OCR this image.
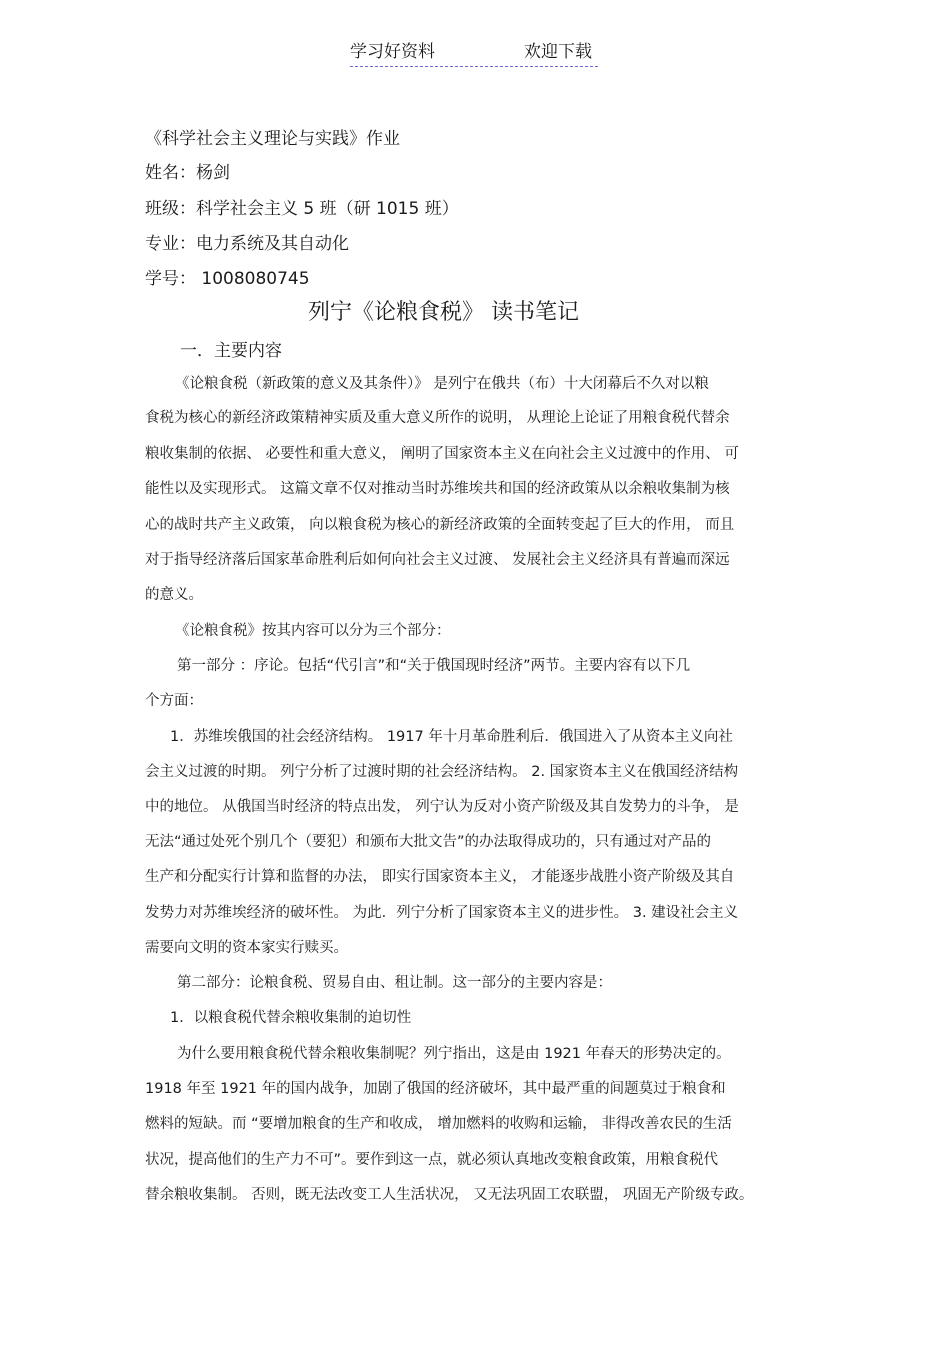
学习好资料	欢迎下载
《科学社会主义理论与实践》作业
姓名：杨剑
班级：科学社会主义 5 班（研 1015 班）
专业：电力系统及其自动化
学号： 1008080745
列宁《论粮食税》 读书笔记
一．主要内容
《论粮食税（新政策的意义及其条件）》 是列宁在俄共（布）十大闭幕后不久对以粮
食税为核心的新经济政策精神实质及重大意义所作的说明， 从理论上论证了用粮食税代替余
粮收集制的依据、 必要性和重大意义， 阐明了国家资本主义在向社会主义过渡中的作用、 可
能性以及实现形式。 这篇文章不仅对推动当时苏维埃共和国的经济政策从以余粮收集制为核
心的战时共产主义政策， 向以粮食税为核心的新经济政策的全面转变起了巨大的作用， 而且
对于指导经济落后国家革命胜利后如何向社会主义过渡、 发展社会主义经济具有普遍而深远
的意义。
《论粮食税》按其内容可以分为三个部分：
第一部分 ：序论。包括“代引言”和“关于俄国现时经济”两节。主要内容有以下几
个方面：
1．苏维埃俄国的社会经济结构。 1917 年十月革命胜利后．俄国进入了从资本主义向社
会主义过渡的时期。 列宁分析了过渡时期的社会经济结构。 2. 国家资本主义在俄国经济结构
中的地位。 从俄国当时经济的特点出发， 列宁认为反对小资产阶级及其自发势力的斗争， 是
无法“通过处死个别几个（要犯）和颁布大批文告”的办法取得成功的，只有通过对产品的
生产和分配实行计算和监督的办法， 即实行国家资本主义， 才能逐步战胜小资产阶级及其自
发势力对苏维埃经济的破坏性。 为此．列宁分析了国家资本主义的进步性。 3. 建设社会主义
需要向文明的资本家实行赎买。
第二部分：论粮食税、贸易自由、租让制。这一部分的主要内容是：
1．以粮食税代替余粮收集制的迫切性
为什么要用粮食税代替余粮收集制呢？列宁指出，这是由 1921 年春天的形势决定的。
1918 年至 1921 年的国内战争，加剧了俄国的经济破坏，其中最严重的间题莫过于粮食和
燃料的短缺。而 “要增加粮食的生产和收成， 增加燃料的收购和运输， 非得改善农民的生活
状况，提高他们的生产力不可”。要作到这一点，就必须认真地改变粮食政策，用粮食税代
替余粮收集制。 否则，既无法改变工人生活状况， 又无法巩固工农联盟， 巩固无产阶级专政。
